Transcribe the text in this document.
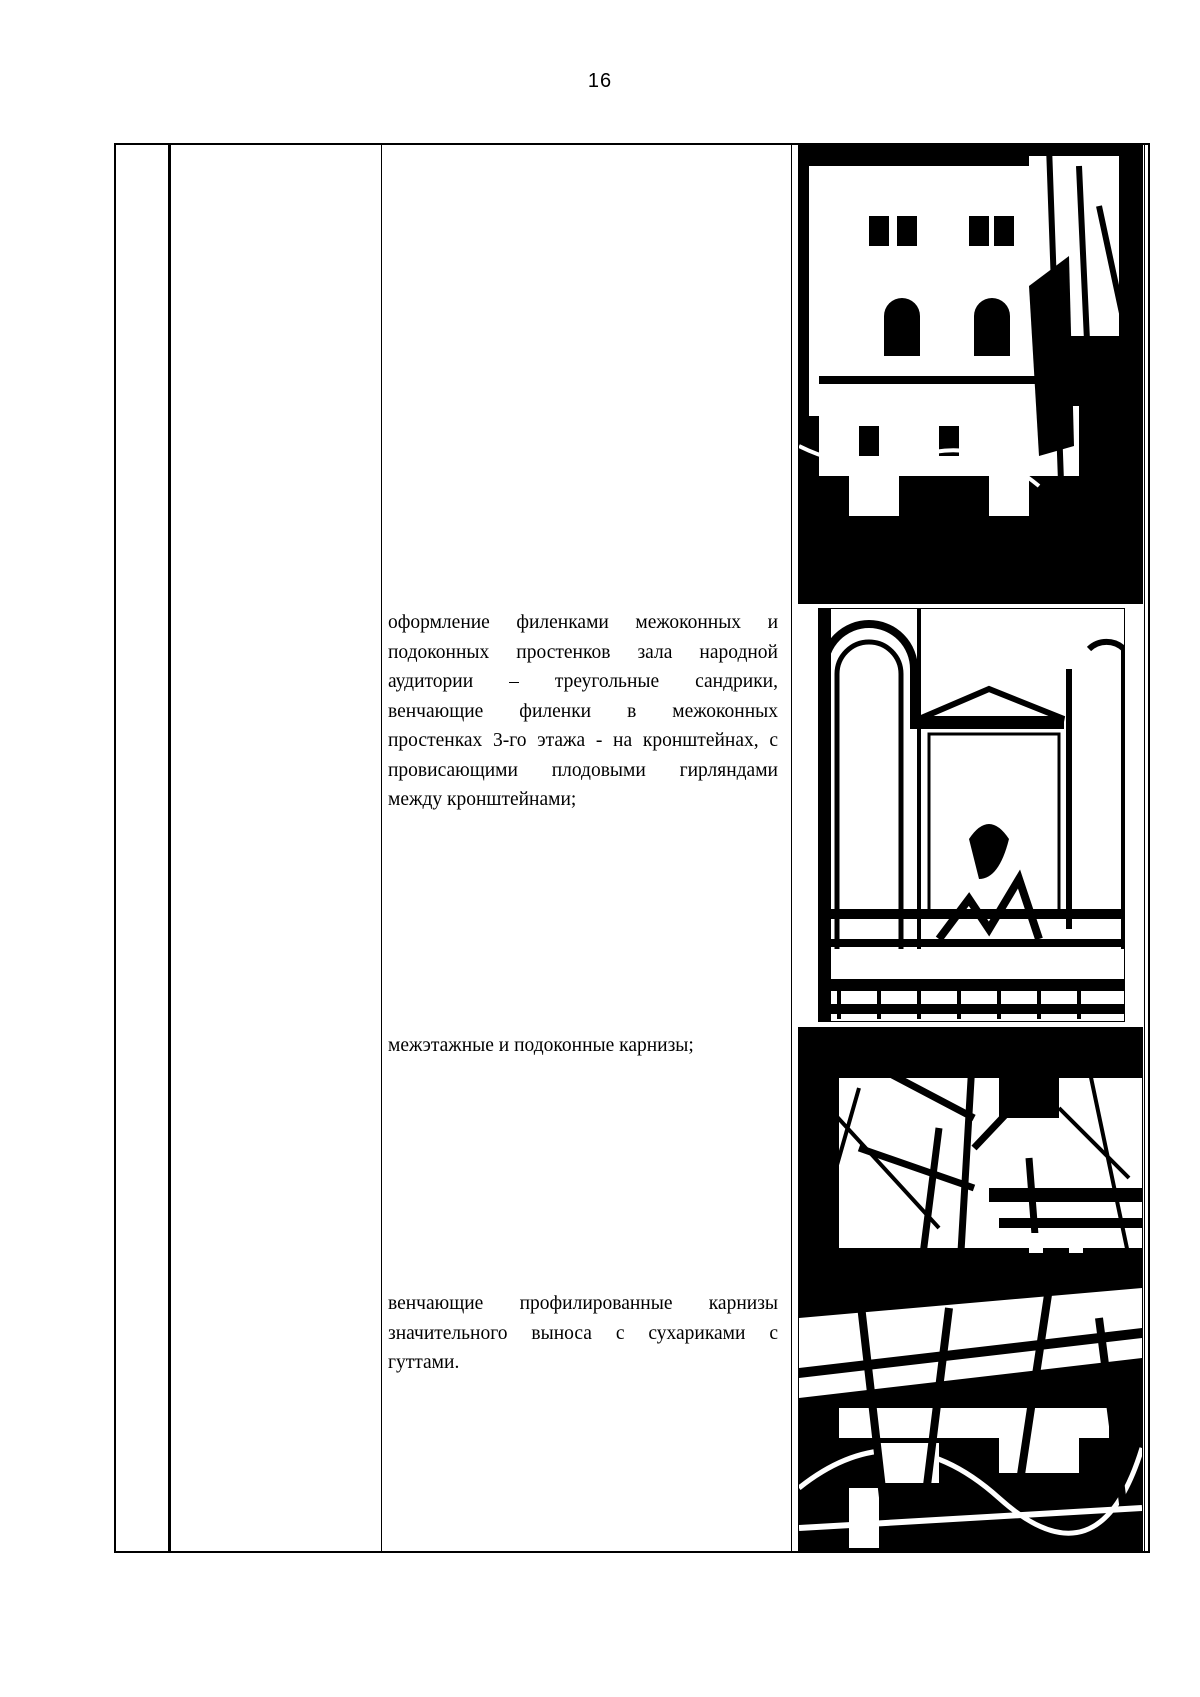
16
оформление филенками межоконных и подоконных простенков зала народной аудитории – треугольные сандрики, венчающие филенки в межоконных простенках 3-го этажа - на кронштейнах, с провисающими плодовыми гирляндами между кронштейнами;
межэтажные и подоконные карнизы;
венчающие профилированные карнизы значительного выноса с сухариками с гуттами.
